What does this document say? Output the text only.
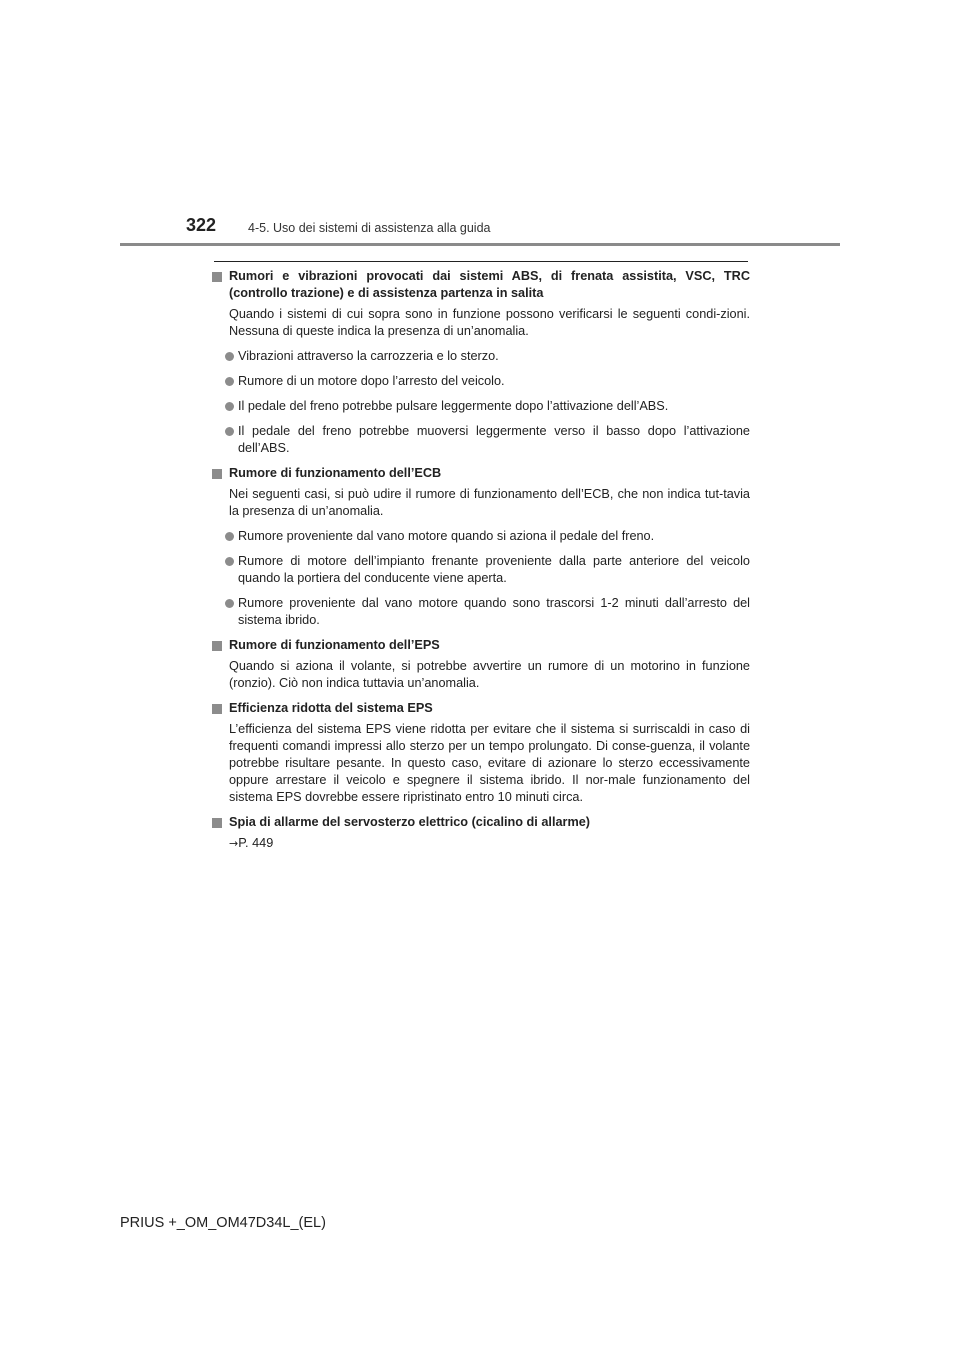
322	4-5. Uso dei sistemi di assistenza alla guida
Rumori e vibrazioni provocati dai sistemi ABS, di frenata assistita, VSC, TRC (controllo trazione) e di assistenza partenza in salita
Quando i sistemi di cui sopra sono in funzione possono verificarsi le seguenti condi-zioni. Nessuna di queste indica la presenza di un’anomalia.
Vibrazioni attraverso la carrozzeria e lo sterzo.
Rumore di un motore dopo l’arresto del veicolo.
Il pedale del freno potrebbe pulsare leggermente dopo l’attivazione dell’ABS.
Il pedale del freno potrebbe muoversi leggermente verso il basso dopo l’attivazione dell’ABS.
Rumore di funzionamento dell’ECB
Nei seguenti casi, si può udire il rumore di funzionamento dell’ECB, che non indica tut-tavia la presenza di un’anomalia.
Rumore proveniente dal vano motore quando si aziona il pedale del freno.
Rumore di motore dell’impianto frenante proveniente dalla parte anteriore del veicolo quando la portiera del conducente viene aperta.
Rumore proveniente dal vano motore quando sono trascorsi 1-2 minuti dall’arresto del sistema ibrido.
Rumore di funzionamento dell’EPS
Quando si aziona il volante, si potrebbe avvertire un rumore di un motorino in funzione (ronzio). Ciò non indica tuttavia un’anomalia.
Efficienza ridotta del sistema EPS
L’efficienza del sistema EPS viene ridotta per evitare che il sistema si surriscaldi in caso di frequenti comandi impressi allo sterzo per un tempo prolungato. Di conse-guenza, il volante potrebbe risultare pesante. In questo caso, evitare di azionare lo sterzo eccessivamente oppure arrestare il veicolo e spegnere il sistema ibrido. Il nor-male funzionamento del sistema EPS dovrebbe essere ripristinato entro 10 minuti circa.
Spia di allarme del servosterzo elettrico (cicalino di allarme)
→P. 449
PRIUS +_OM_OM47D34L_(EL)
